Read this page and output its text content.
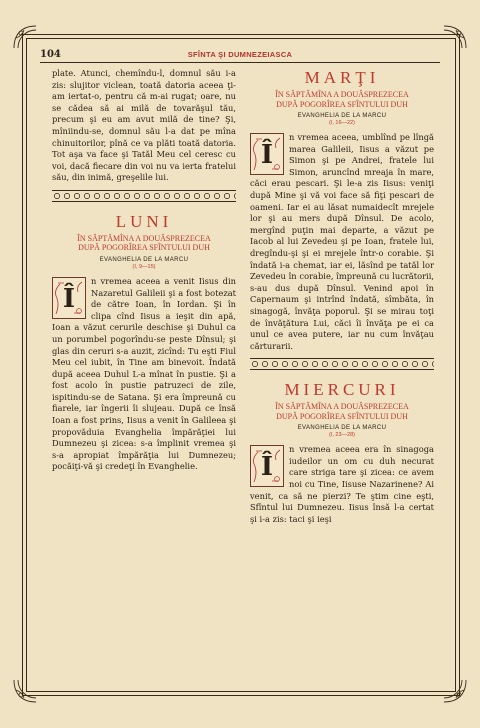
104	SFÎNTA ŞI DUMNEZEIASCA

plate. Atunci, chemîndu-l, domnul său i-a zis: slujitor viclean, toată datoria aceea ţi-am iertat-o, pentru că m-ai rugat; oare, nu se cădea să ai milă de tovarăşul tău, precum şi eu am avut milă de tine? Şi, mîniindu-se, domnul său l-a dat pe mîna chinuitorilor, pînă ce va plăti toată datoria. Tot aşa va face şi Tatăl Meu cel ceresc cu voi, dacă fiecare din voi nu va ierta fratelui său, din inimă, greşelile lui.

LUNI
ÎN SĂPTĂMÎNA A DOUĂSPREZECEA
DUPĂ POGORÎREA SFÎNTULUI DUH
EVANGHELIA DE LA MARCU
(I, 9—15)
Î

n vremea aceea a venit Iisus din Nazaretul Galileii şi a fost botezat de către Ioan, în Iordan. Şi în clipa cînd Iisus a ieşit din apă, Ioan a văzut cerurile deschise şi Duhul ca un porumbel pogorîndu-se peste Dînsul; şi glas din ceruri s-a auzit, zicînd: Tu eşti Fiul Meu cel iubit, în Tine am binevoit. Îndată după aceea Duhul L-a mînat în pustie. Şi a fost acolo în pustie patruzeci de zile, ispitindu-se de Satana. Şi era împreună cu fiarele, iar îngerii îi slujeau. După ce însă Ioan a fost prins, Iisus a venit în Galileea şi propovăduia Evanghelia împărăţiei lui Dumnezeu şi zicea: s-a împlinit vremea şi s-a apropiat împărăţia lui Dumnezeu; pocăiţi-vă şi credeţi în Evanghelie.

MARŢI
ÎN SĂPTĂMÎNA A DOUĂSPREZECEA
DUPĂ POGORÎREA SFÎNTULUI DUH
EVANGHELIA DE LA MARCU
(I, 16—22)
Î

n vremea aceea, umblînd pe lîngă marea Galileii, Iisus a văzut pe Simon şi pe Andrei, fratele lui Simon, aruncînd mreaja în mare, căci erau pescari. Şi le-a zis Iisus: veniţi după Mine şi vă voi face să fiţi pescari de oameni. Iar ei au lăsat numaidecît mrejele lor şi au mers după Dînsul. De acolo, mergînd puţin mai departe, a văzut pe Iacob al lui Zevedeu şi pe Ioan, fratele lui, dregîndu-şi şi ei mrejele într-o corabie. Şi îndată i-a chemat, iar ei, lăsînd pe tatăl lor Zevedeu în corabie, împreună cu lucrătorii, s-au dus după Dînsul. Venind apoi în Capernaum şi intrînd îndată, sîmbăta, în sinagogă, învăţa poporul. Şi se mirau toţi de învăţătura Lui, căci îi învăţa pe ei ca unul ce avea putere, iar nu cum învăţau cărturarii.

MIERCURI
ÎN SĂPTĂMÎNA A DOUĂSPREZECEA
DUPĂ POGORÎREA SFÎNTULUI DUH
EVANGHELIA DE LA MARCU
(I, 23—28)
Î

n vremea aceea era în sinagoga iudeilor un om cu duh necurat care striga tare şi zicea: ce avem noi cu Tine, Iisuse Nazarinene? Ai venit, ca să ne pierzi? Te ştim cine eşti, Sfîntul lui Dumnezeu. Iisus însă l-a certat şi i-a zis: taci şi ieşi
